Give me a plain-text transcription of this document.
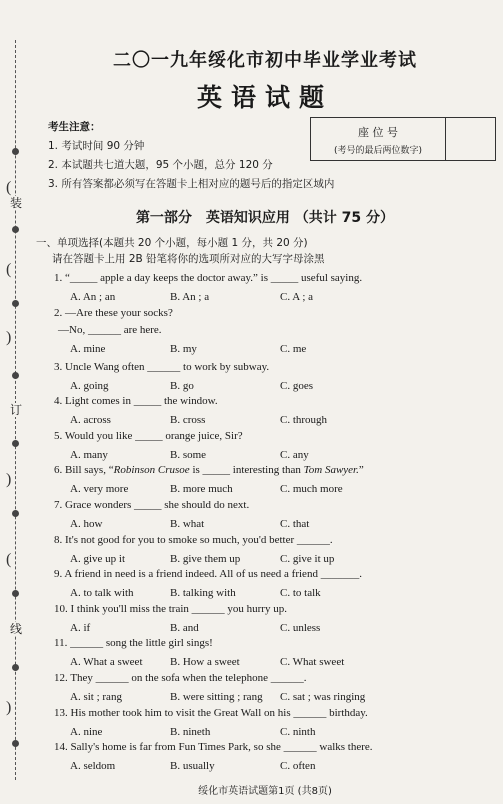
(
装
(
)
订
)
(
线
)
二〇一九年绥化市初中毕业学业考试
英语试题
考生注意：
1. 考试时间 90 分钟
2. 本试题共七道大题，95 个小题，总分 120 分
3. 所有答案都必须写在答题卡上相对应的题号后的指定区域内
座 位 号
(考号的最后两位数字)
第一部分　英语知识应用 （共计 75 分）
一、单项选择(本题共 20 个小题，每小题 1 分，共 20 分)
请在答题卡上用 2B 铅笔将你的选项所对应的大写字母涂黑
1. “_____ apple a day keeps the doctor away.” is _____ useful saying.
A. An ; an	B. An ; a	C. A ; a
2. —Are these your socks?
—No, ______ are here.
A. mine	B. my	C. me
3. Uncle Wang often ______ to work by subway.
A. going	B. go	C. goes
4. Light comes in _____ the window.
A. across	B. cross	C. through
5. Would you like _____ orange juice, Sir?
A. many	B. some	C. any
6. Bill says, “Robinson Crusoe is _____ interesting than Tom Sawyer.”
A. very more	B. more much	C. much more
7. Grace wonders _____ she should do next.
A. how	B. what	C. that
8. It's not good for you to smoke so much, you'd better ______.
A. give up it	B. give them up	C. give it up
9. A friend in need is a friend indeed. All of us need a friend _______.
A. to talk with	B. talking with	C. to talk
10. I think you'll miss the train ______ you hurry up.
A. if	B. and	C. unless
11. ______ song the little girl sings!
A. What a sweet	B. How a sweet	C. What sweet
12. They ______ on the sofa when the telephone ______.
A. sit ; rang	B. were sitting ; rang C. sat ; was ringing
13. His mother took him to visit the Great Wall on his ______ birthday.
A. nine	B. nineth	C. ninth
14. Sally's home is far from Fun Times Park, so she ______ walks there.
A. seldom	B. usually	C. often
绥化市英语试题第1页 (共8页)
